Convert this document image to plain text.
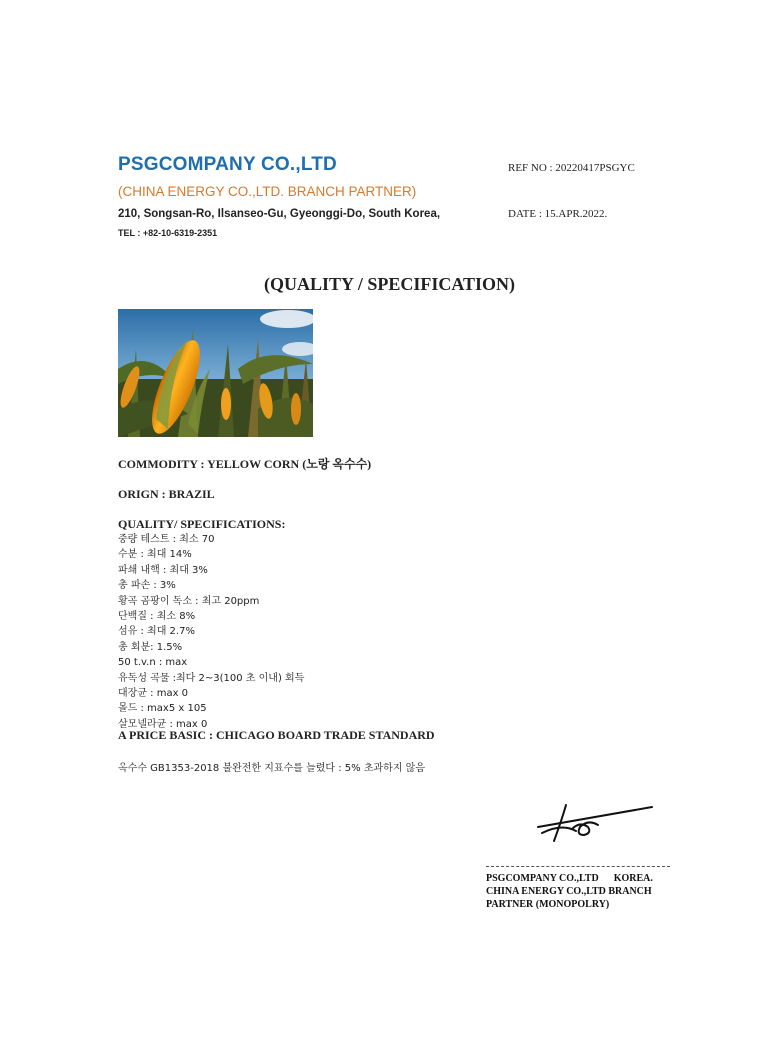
PSGCOMPANY CO.,LTD
(CHINA ENERGY CO.,LTD. BRANCH PARTNER)
210, Songsan-Ro, Ilsanseo-Gu, Gyeonggi-Do, South Korea,
TEL : +82-10-6319-2351
REF NO : 20220417PSGYC
DATE : 15.APR.2022.
(QUALITY / SPECIFICATION)
COMMODITY : YELLOW CORN (노랑 옥수수)
ORIGN : BRAZIL
QUALITY/ SPECIFICATIONS:
중량 테스트 : 최소 70
수분 : 최대 14%
파쇄 내핵 : 최대 3%
총 파손 : 3%
황곡 곰팡이 독소 : 최고 20ppm
단백질 : 최소 8%
섬유 : 최대 2.7%
총 회분: 1.5%
50 t.v.n : max
유독성 곡물 :최다 2~3(100 초 이내) 회득
대장균 : max 0
몰드 : max5 x 105
살모넬라균 : max 0
A PRICE BASIC : CHICAGO BOARD TRADE STANDARD
옥수수 GB1353-2018 불완전한 지표수를 늘렸다 : 5% 초과하지 않음
PSGCOMPANY CO.,LTD      KOREA.
CHINA ENERGY CO.,LTD BRANCH
PARTNER (MONOPOLRY)
